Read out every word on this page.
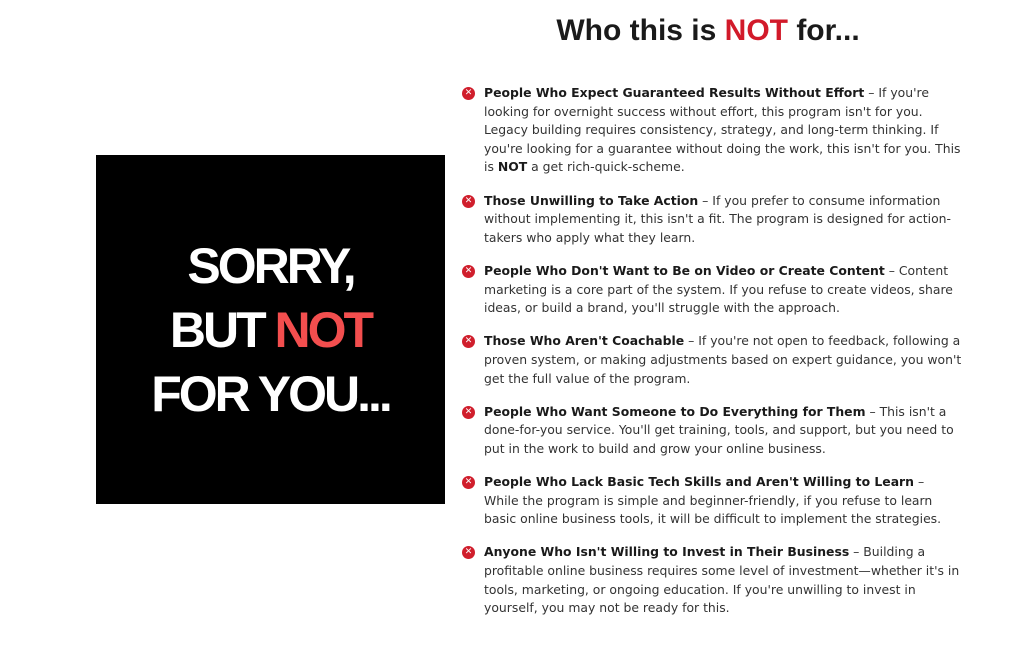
Who this is NOT for...
SORRY,
BUT NOT
FOR YOU...
✕ People Who Expect Guaranteed Results Without Effort – If you're looking for overnight success without effort, this program isn't for you. Legacy building requires consistency, strategy, and long-term thinking. If you're looking for a guarantee without doing the work, this isn't for you. This is NOT a get rich-quick-scheme.
✕ Those Unwilling to Take Action – If you prefer to consume information without implementing it, this isn't a fit. The program is designed for action-takers who apply what they learn.
✕ People Who Don't Want to Be on Video or Create Content – Content marketing is a core part of the system. If you refuse to create videos, share ideas, or build a brand, you'll struggle with the approach.
✕ Those Who Aren't Coachable – If you're not open to feedback, following a proven system, or making adjustments based on expert guidance, you won't get the full value of the program.
✕ People Who Want Someone to Do Everything for Them – This isn't a done-for-you service. You'll get training, tools, and support, but you need to put in the work to build and grow your online business.
✕ People Who Lack Basic Tech Skills and Aren't Willing to Learn – While the program is simple and beginner-friendly, if you refuse to learn basic online business tools, it will be difficult to implement the strategies.
✕ Anyone Who Isn't Willing to Invest in Their Business – Building a profitable online business requires some level of investment—whether it's in tools, marketing, or ongoing education. If you're unwilling to invest in yourself, you may not be ready for this.
